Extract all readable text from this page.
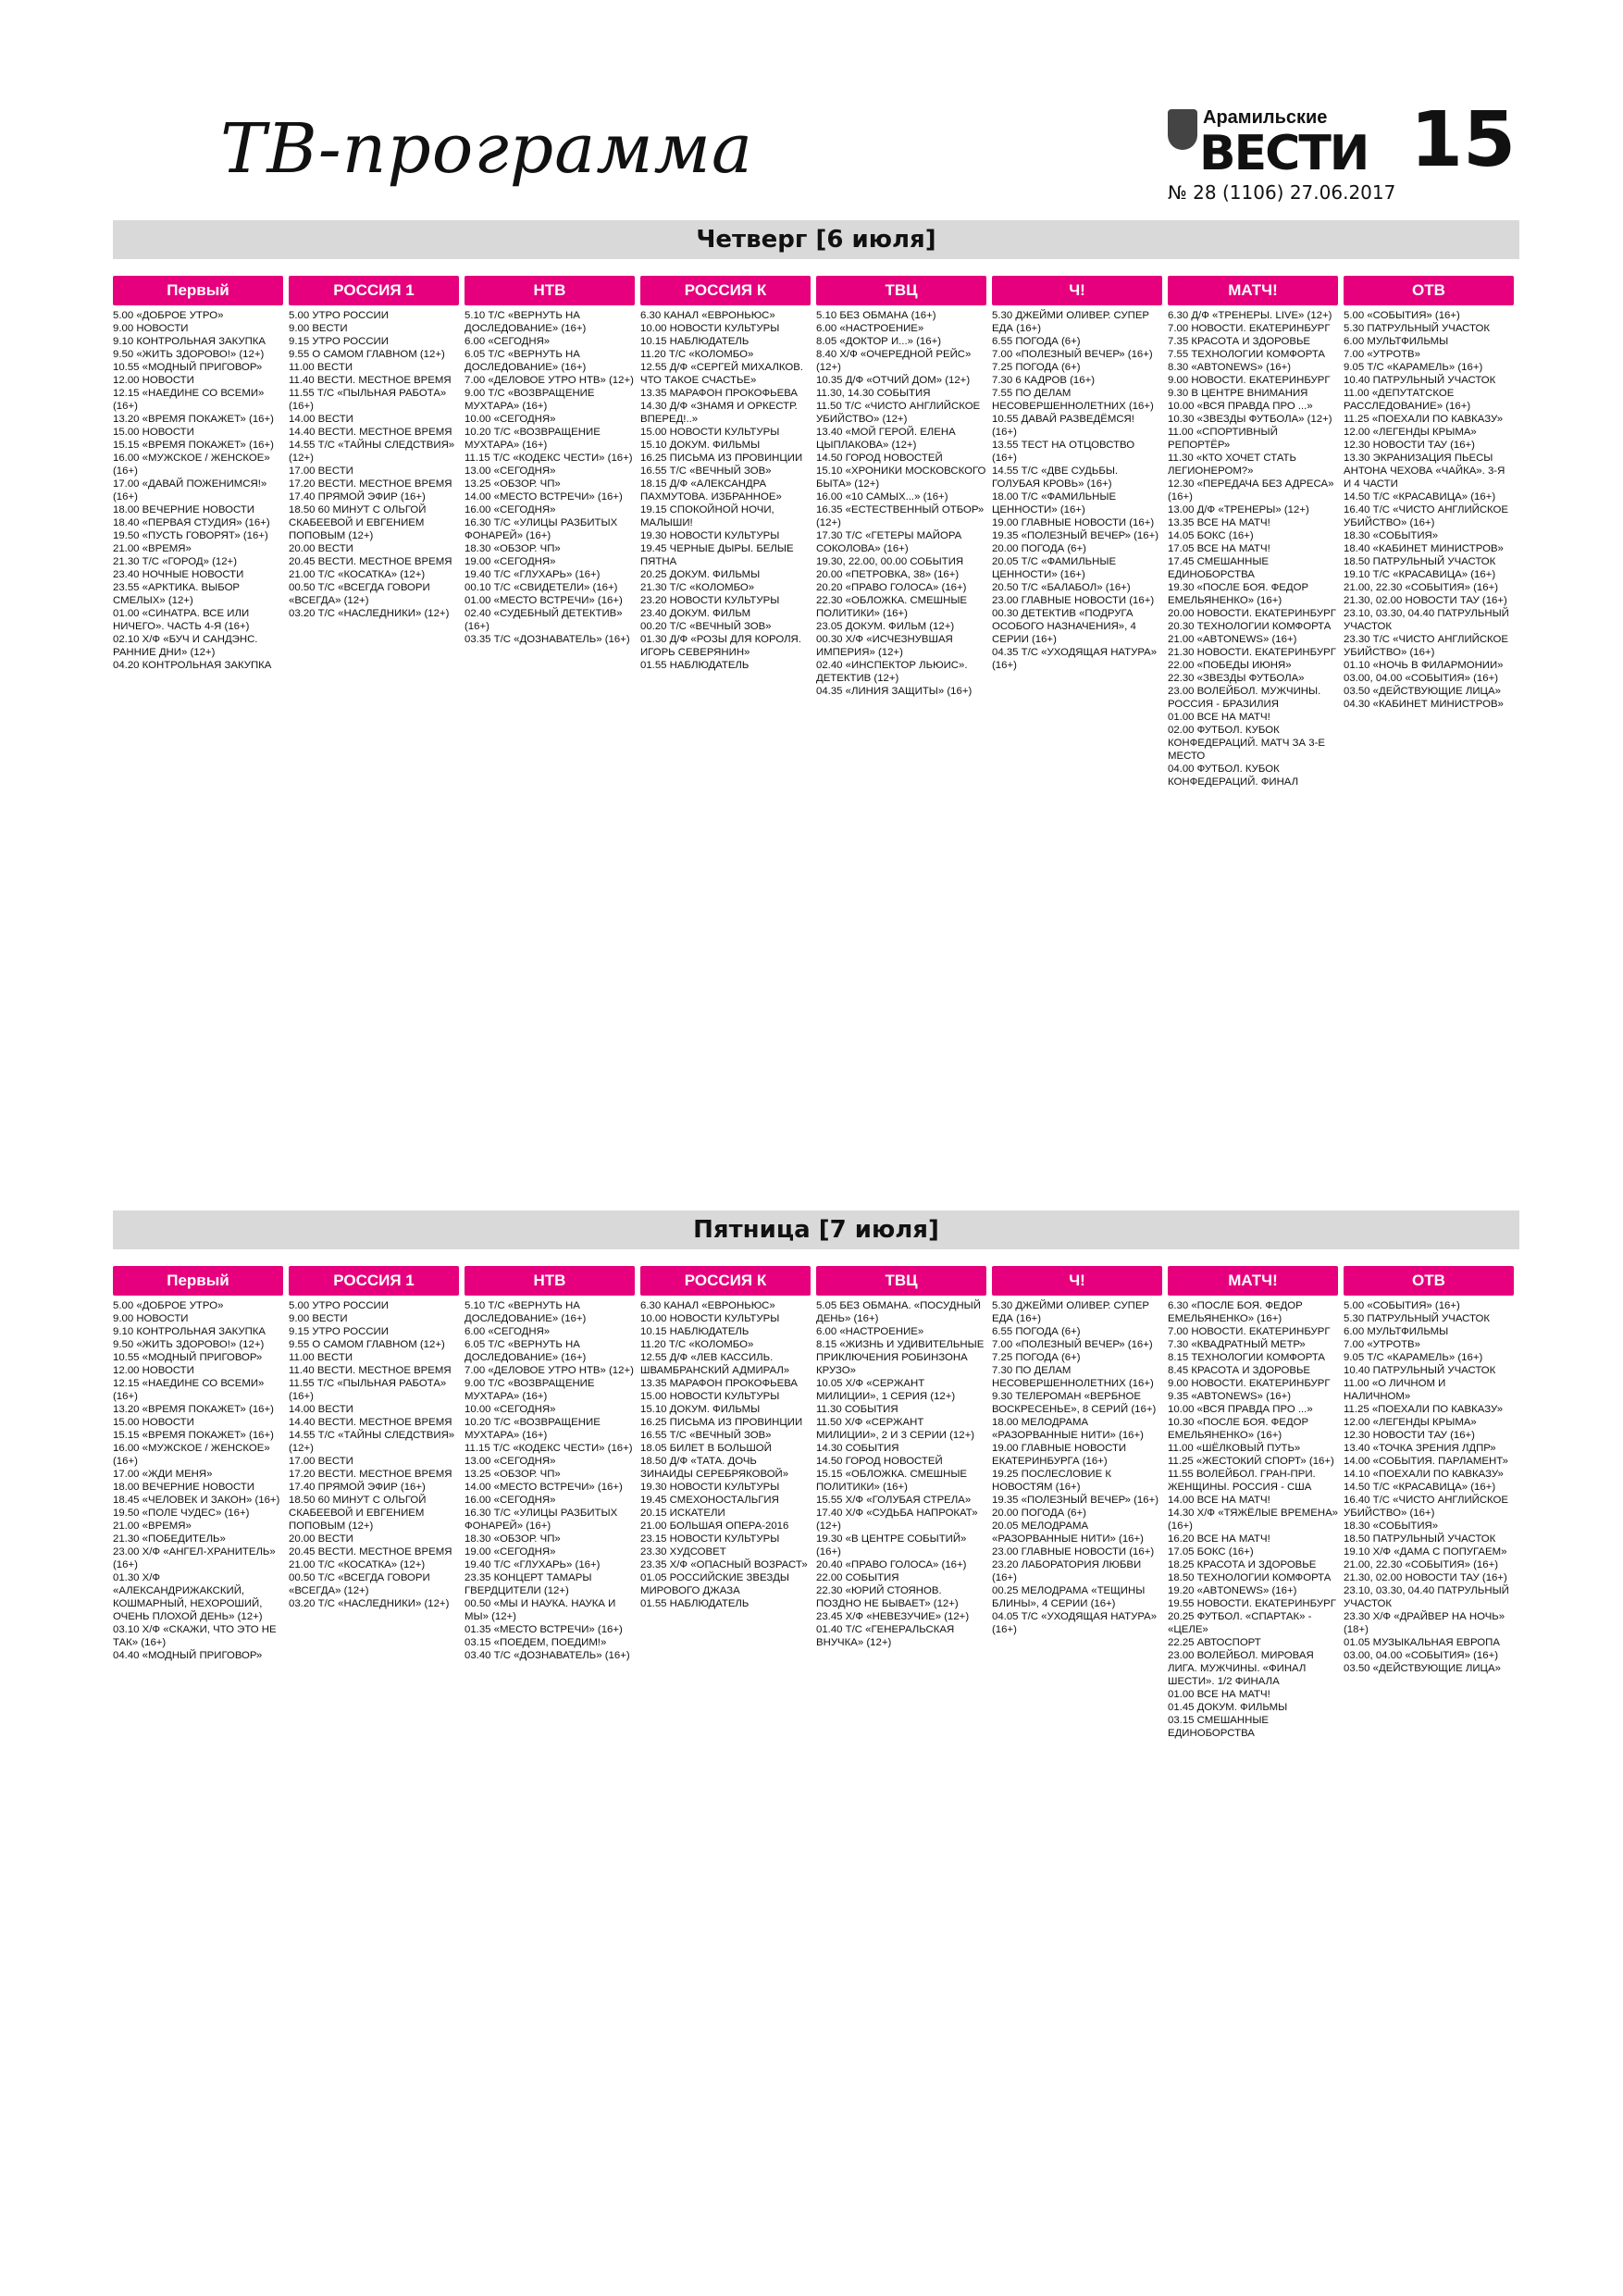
ТВ-программа	Арамильские
ВЕСТИ 15
№ 28 (1106) 27.06.2017
Четверг [6 июля]
Первый
5.00 «ДОБРОЕ УТРО»
9.00 НОВОСТИ
9.10 КОНТРОЛЬНАЯ ЗАКУПКА
9.50 «ЖИТЬ ЗДОРОВО!» (12+)
10.55 «МОДНЫЙ ПРИГОВОР»
12.00 НОВОСТИ
12.15 «НАЕДИНЕ СО ВСЕМИ» (16+)
13.20 «ВРЕМЯ ПОКАЖЕТ» (16+)
15.00 НОВОСТИ
15.15 «ВРЕМЯ ПОКАЖЕТ» (16+)
16.00 «МУЖСКОЕ / ЖЕНСКОЕ» (16+)
17.00 «ДАВАЙ ПОЖЕНИМСЯ!» (16+)
18.00 ВЕЧЕРНИЕ НОВОСТИ
18.40 «ПЕРВАЯ СТУДИЯ» (16+)
19.50 «ПУСТЬ ГОВОРЯТ» (16+)
21.00 «ВРЕМЯ»
21.30 Т/С «ГОРОД» (12+)
23.40 НОЧНЫЕ НОВОСТИ
23.55 «АРКТИКА. ВЫБОР СМЕЛЫХ» (12+)
01.00 «СИНАТРА. ВСЕ ИЛИ НИЧЕГО». ЧАСТЬ 4-Я (16+)
02.10 Х/Ф «БУЧ И САНДЭНС. РАННИЕ ДНИ» (12+)
04.20 КОНТРОЛЬНАЯ ЗАКУПКА
РОССИЯ 1
5.00 УТРО РОССИИ
9.00 ВЕСТИ
9.15 УТРО РОССИИ
9.55 О САМОМ ГЛАВНОМ (12+)
11.00 ВЕСТИ
11.40 ВЕСТИ. МЕСТНОЕ ВРЕМЯ
11.55 Т/С «ПЫЛЬНАЯ РАБОТА» (16+)
14.00 ВЕСТИ
14.40 ВЕСТИ. МЕСТНОЕ ВРЕМЯ
14.55 Т/С «ТАЙНЫ СЛЕДСТВИЯ» (12+)
17.00 ВЕСТИ
17.20 ВЕСТИ. МЕСТНОЕ ВРЕМЯ
17.40 ПРЯМОЙ ЭФИР (16+)
18.50 60 МИНУТ С ОЛЬГОЙ СКАБЕЕВОЙ И ЕВГЕНИЕМ ПОПОВЫМ (12+)
20.00 ВЕСТИ
20.45 ВЕСТИ. МЕСТНОЕ ВРЕМЯ
21.00 Т/С «КОСАТКА» (12+)
00.50 Т/С «ВСЕГДА ГОВОРИ «ВСЕГДА» (12+)
03.20 Т/С «НАСЛЕДНИКИ» (12+)
НТВ
5.10 Т/С «ВЕРНУТЬ НА ДОСЛЕДОВАНИЕ» (16+)
6.00 «СЕГОДНЯ»
6.05 Т/С «ВЕРНУТЬ НА ДОСЛЕДОВАНИЕ» (16+)
7.00 «ДЕЛОВОЕ УТРО НТВ» (12+)
9.00 Т/С «ВОЗВРАЩЕНИЕ МУХТАРА» (16+)
10.00 «СЕГОДНЯ»
10.20 Т/С «ВОЗВРАЩЕНИЕ МУХТАРА» (16+)
11.15 Т/С «КОДЕКС ЧЕСТИ» (16+)
13.00 «СЕГОДНЯ»
13.25 «ОБЗОР. ЧП»
14.00 «МЕСТО ВСТРЕЧИ» (16+)
16.00 «СЕГОДНЯ»
16.30 Т/С «УЛИЦЫ РАЗБИТЫХ ФОНАРЕЙ» (16+)
18.30 «ОБЗОР. ЧП»
19.00 «СЕГОДНЯ»
19.40 Т/С «ГЛУХАРЬ» (16+)
00.10 Т/С «СВИДЕТЕЛИ» (16+)
01.00 «МЕСТО ВСТРЕЧИ» (16+)
02.40 «СУДЕБНЫЙ ДЕТЕКТИВ» (16+)
03.35 Т/С «ДОЗНАВАТЕЛЬ» (16+)
РОССИЯ К
6.30 КАНАЛ «ЕВРОНЬЮС»
10.00 НОВОСТИ КУЛЬТУРЫ
10.15 НАБЛЮДАТЕЛЬ
11.20 Т/С «КОЛОМБО»
12.55 Д/Ф «СЕРГЕЙ МИХАЛКОВ. ЧТО ТАКОЕ СЧАСТЬЕ»
13.35 МАРАФОН ПРОКОФЬЕВА
14.30 Д/Ф «ЗНАМЯ И ОРКЕСТР. ВПЕРЕД!..»
15.00 НОВОСТИ КУЛЬТУРЫ
15.10 ДОКУМ. ФИЛЬМЫ
16.25 ПИСЬМА ИЗ ПРОВИНЦИИ
16.55 Т/С «ВЕЧНЫЙ ЗОВ»
18.15 Д/Ф «АЛЕКСАНДРА ПАХМУТОВА. ИЗБРАННОЕ»
19.15 СПОКОЙНОЙ НОЧИ, МАЛЫШИ!
19.30 НОВОСТИ КУЛЬТУРЫ
19.45 ЧЕРНЫЕ ДЫРЫ. БЕЛЫЕ ПЯТНА
20.25 ДОКУМ. ФИЛЬМЫ
21.30 Т/С «КОЛОМБО»
23.20 НОВОСТИ КУЛЬТУРЫ
23.40 ДОКУМ. ФИЛЬМ
00.20 Т/С «ВЕЧНЫЙ ЗОВ»
01.30 Д/Ф «РОЗЫ ДЛЯ КОРОЛЯ. ИГОРЬ СЕВЕРЯНИН»
01.55 НАБЛЮДАТЕЛЬ
ТВЦ
5.10 БЕЗ ОБМАНА (16+)
6.00 «НАСТРОЕНИЕ»
8.05 «ДОКТОР И...» (16+)
8.40 Х/Ф «ОЧЕРЕДНОЙ РЕЙС» (12+)
10.35 Д/Ф «ОТЧИЙ ДОМ» (12+)
11.30, 14.30 СОБЫТИЯ
11.50 Т/С «ЧИСТО АНГЛИЙСКОЕ УБИЙСТВО» (12+)
13.40 «МОЙ ГЕРОЙ. ЕЛЕНА ЦЫПЛАКОВА» (12+)
14.50 ГОРОД НОВОСТЕЙ
15.10 «ХРОНИКИ МОСКОВСКОГО БЫТА» (12+)
16.00 «10 САМЫХ...» (16+)
16.35 «ЕСТЕСТВЕННЫЙ ОТБОР» (12+)
17.30 Т/С «ГЕТЕРЫ МАЙОРА СОКОЛОВА» (16+)
19.30, 22.00, 00.00 СОБЫТИЯ
20.00 «ПЕТРОВКА, 38» (16+)
20.20 «ПРАВО ГОЛОСА» (16+)
22.30 «ОБЛОЖКА. СМЕШНЫЕ ПОЛИТИКИ» (16+)
23.05 ДОКУМ. ФИЛЬМ (12+)
00.30 Х/Ф «ИСЧЕЗНУВШАЯ ИМПЕРИЯ» (12+)
02.40 «ИНСПЕКТОР ЛЬЮИС». ДЕТЕКТИВ (12+)
04.35 «ЛИНИЯ ЗАЩИТЫ» (16+)
Ч!
5.30 ДЖЕЙМИ ОЛИВЕР. СУПЕР ЕДА (16+)
6.55 ПОГОДА (6+)
7.00 «ПОЛЕЗНЫЙ ВЕЧЕР» (16+)
7.25 ПОГОДА (6+)
7.30 6 КАДРОВ (16+)
7.55 ПО ДЕЛАМ НЕСОВЕРШЕННОЛЕТНИХ (16+)
10.55 ДАВАЙ РАЗВЕДЁМСЯ! (16+)
13.55 ТЕСТ НА ОТЦОВСТВО (16+)
14.55 Т/С «ДВЕ СУДЬБЫ. ГОЛУБАЯ КРОВЬ» (16+)
18.00 Т/С «ФАМИЛЬНЫЕ ЦЕННОСТИ» (16+)
19.00 ГЛАВНЫЕ НОВОСТИ (16+)
19.35 «ПОЛЕЗНЫЙ ВЕЧЕР» (16+)
20.00 ПОГОДА (6+)
20.05 Т/С «ФАМИЛЬНЫЕ ЦЕННОСТИ» (16+)
20.50 Т/С «БАЛАБОЛ» (16+)
23.00 ГЛАВНЫЕ НОВОСТИ (16+)
00.30 ДЕТЕКТИВ «ПОДРУГА ОСОБОГО НАЗНАЧЕНИЯ», 4 СЕРИИ (16+)
04.35 Т/С «УХОДЯЩАЯ НАТУРА» (16+)
МАТЧ!
6.30 Д/Ф «ТРЕНЕРЫ. LIVE» (12+)
7.00 НОВОСТИ. ЕКАТЕРИНБУРГ
7.35 КРАСОТА И ЗДОРОВЬЕ
7.55 ТЕХНОЛОГИИ КОМФОРТА
8.30 «ABTONEWS» (16+)
9.00 НОВОСТИ. ЕКАТЕРИНБУРГ
9.30 В ЦЕНТРЕ ВНИМАНИЯ
10.00 «ВСЯ ПРАВДА ПРО ...»
10.30 «ЗВЕЗДЫ ФУТБОЛА» (12+)
11.00 «СПОРТИВНЫЙ РЕПОРТЁР»
11.30 «КТО ХОЧЕТ СТАТЬ ЛЕГИОНЕРОМ?»
12.30 «ПЕРЕДАЧА БЕЗ АДРЕСА» (16+)
13.00 Д/Ф «ТРЕНЕРЫ» (12+)
13.35 ВСЕ НА МАТЧ!
14.05 БОКС (16+)
17.05 ВСЕ НА МАТЧ!
17.45 СМЕШАННЫЕ ЕДИНОБОРСТВА
19.30 «ПОСЛЕ БОЯ. ФЕДОР ЕМЕЛЬЯНЕНКО» (16+)
20.00 НОВОСТИ. ЕКАТЕРИНБУРГ
20.30 ТЕХНОЛОГИИ КОМФОРТА
21.00 «ABTONEWS» (16+)
21.30 НОВОСТИ. ЕКАТЕРИНБУРГ
22.00 «ПОБЕДЫ ИЮНЯ»
22.30 «ЗВЕЗДЫ ФУТБОЛА»
23.00 ВОЛЕЙБОЛ. МУЖЧИНЫ. РОССИЯ - БРАЗИЛИЯ
01.00 ВСЕ НА МАТЧ!
02.00 ФУТБОЛ. КУБОК КОНФЕДЕРАЦИЙ. МАТЧ ЗА 3-Е МЕСТО
04.00 ФУТБОЛ. КУБОК КОНФЕДЕРАЦИЙ. ФИНАЛ
ОТВ
5.00 «СОБЫТИЯ» (16+)
5.30 ПАТРУЛЬНЫЙ УЧАСТОК
6.00 МУЛЬТФИЛЬМЫ
7.00 «УТРОТВ»
9.05 Т/С «КАРАМЕЛЬ» (16+)
10.40 ПАТРУЛЬНЫЙ УЧАСТОК
11.00 «ДЕПУТАТСКОЕ РАССЛЕДОВАНИЕ» (16+)
11.25 «ПОЕХАЛИ ПО КАВКАЗУ»
12.00 «ЛЕГЕНДЫ КРЫМА»
12.30 НОВОСТИ ТАУ (16+)
13.30 ЭКРАНИЗАЦИЯ ПЬЕСЫ АНТОНА ЧЕХОВА «ЧАЙКА». 3-Я И 4 ЧАСТИ
14.50 Т/С «КРАСАВИЦА» (16+)
16.40 Т/С «ЧИСТО АНГЛИЙСКОЕ УБИЙСТВО» (16+)
18.30 «СОБЫТИЯ»
18.40 «КАБИНЕТ МИНИСТРОВ»
18.50 ПАТРУЛЬНЫЙ УЧАСТОК
19.10 Т/С «КРАСАВИЦА» (16+)
21.00, 22.30 «СОБЫТИЯ» (16+)
21.30, 02.00 НОВОСТИ ТАУ (16+)
23.10, 03.30, 04.40 ПАТРУЛЬНЫЙ УЧАСТОК
23.30 Т/С «ЧИСТО АНГЛИЙСКОЕ УБИЙСТВО» (16+)
01.10 «НОЧЬ В ФИЛАРМОНИИ»
03.00, 04.00 «СОБЫТИЯ» (16+)
03.50 «ДЕЙСТВУЮЩИЕ ЛИЦА»
04.30 «КАБИНЕТ МИНИСТРОВ»
Пятница [7 июля]
Первый
5.00 «ДОБРОЕ УТРО»
9.00 НОВОСТИ
9.10 КОНТРОЛЬНАЯ ЗАКУПКА
9.50 «ЖИТЬ ЗДОРОВО!» (12+)
10.55 «МОДНЫЙ ПРИГОВОР»
12.00 НОВОСТИ
12.15 «НАЕДИНЕ СО ВСЕМИ» (16+)
13.20 «ВРЕМЯ ПОКАЖЕТ» (16+)
15.00 НОВОСТИ
15.15 «ВРЕМЯ ПОКАЖЕТ» (16+)
16.00 «МУЖСКОЕ / ЖЕНСКОЕ» (16+)
17.00 «ЖДИ МЕНЯ»
18.00 ВЕЧЕРНИЕ НОВОСТИ
18.45 «ЧЕЛОВЕК И ЗАКОН» (16+)
19.50 «ПОЛЕ ЧУДЕС» (16+)
21.00 «ВРЕМЯ»
21.30 «ПОБЕДИТЕЛЬ»
23.00 Х/Ф «АНГЕЛ-ХРАНИТЕЛЬ» (16+)
01.30 Х/Ф «АЛЕКСАНДРИЖАКСКИЙ, КОШМАРНЫЙ, НЕХОРОШИЙ, ОЧЕНЬ ПЛОХОЙ ДЕНЬ» (12+)
03.10 Х/Ф «СКАЖИ, ЧТО ЭТО НЕ ТАК» (16+)
04.40 «МОДНЫЙ ПРИГОВОР»
РОССИЯ 1
5.00 УТРО РОССИИ
9.00 ВЕСТИ
9.15 УТРО РОССИИ
9.55 О САМОМ ГЛАВНОМ (12+)
11.00 ВЕСТИ
11.40 ВЕСТИ. МЕСТНОЕ ВРЕМЯ
11.55 Т/С «ПЫЛЬНАЯ РАБОТА» (16+)
14.00 ВЕСТИ
14.40 ВЕСТИ. МЕСТНОЕ ВРЕМЯ
14.55 Т/С «ТАЙНЫ СЛЕДСТВИЯ» (12+)
17.00 ВЕСТИ
17.20 ВЕСТИ. МЕСТНОЕ ВРЕМЯ
17.40 ПРЯМОЙ ЭФИР (16+)
18.50 60 МИНУТ С ОЛЬГОЙ СКАБЕЕВОЙ И ЕВГЕНИЕМ ПОПОВЫМ (12+)
20.00 ВЕСТИ
20.45 ВЕСТИ. МЕСТНОЕ ВРЕМЯ
21.00 Т/С «КОСАТКА» (12+)
00.50 Т/С «ВСЕГДА ГОВОРИ «ВСЕГДА» (12+)
03.20 Т/С «НАСЛЕДНИКИ» (12+)
НТВ
5.10 Т/С «ВЕРНУТЬ НА ДОСЛЕДОВАНИЕ» (16+)
6.00 «СЕГОДНЯ»
6.05 Т/С «ВЕРНУТЬ НА ДОСЛЕДОВАНИЕ» (16+)
7.00 «ДЕЛОВОЕ УТРО НТВ» (12+)
9.00 Т/С «ВОЗВРАЩЕНИЕ МУХТАРА» (16+)
10.00 «СЕГОДНЯ»
10.20 Т/С «ВОЗВРАЩЕНИЕ МУХТАРА» (16+)
11.15 Т/С «КОДЕКС ЧЕСТИ» (16+)
13.00 «СЕГОДНЯ»
13.25 «ОБЗОР. ЧП»
14.00 «МЕСТО ВСТРЕЧИ» (16+)
16.00 «СЕГОДНЯ»
16.30 Т/С «УЛИЦЫ РАЗБИТЫХ ФОНАРЕЙ» (16+)
18.30 «ОБЗОР. ЧП»
19.00 «СЕГОДНЯ»
19.40 Т/С «ГЛУХАРЬ» (16+)
23.35 КОНЦЕРТ ТАМАРЫ ГВЕРДЦИТЕЛИ (12+)
00.50 «МЫ И НАУКА. НАУКА И МЫ» (12+)
01.35 «МЕСТО ВСТРЕЧИ» (16+)
03.15 «ПОЕДЕМ, ПОЕДИМ!»
03.40 Т/С «ДОЗНАВАТЕЛЬ» (16+)
РОССИЯ К
6.30 КАНАЛ «ЕВРОНЬЮС»
10.00 НОВОСТИ КУЛЬТУРЫ
10.15 НАБЛЮДАТЕЛЬ
11.20 Т/С «КОЛОМБО»
12.55 Д/Ф «ЛЕВ КАССИЛЬ. ШВАМБРАНСКИЙ АДМИРАЛ»
13.35 МАРАФОН ПРОКОФЬЕВА
15.00 НОВОСТИ КУЛЬТУРЫ
15.10 ДОКУМ. ФИЛЬМЫ
16.25 ПИСЬМА ИЗ ПРОВИНЦИИ
16.55 Т/С «ВЕЧНЫЙ ЗОВ»
18.05 БИЛЕТ В БОЛЬШОЙ
18.50 Д/Ф «ТАТА. ДОЧЬ ЗИНАИДЫ СЕРЕБРЯКОВОЙ»
19.30 НОВОСТИ КУЛЬТУРЫ
19.45 СМЕХОНОСТАЛЬГИЯ
20.15 ИСКАТЕЛИ
21.00 БОЛЬШАЯ ОПЕРА-2016
23.15 НОВОСТИ КУЛЬТУРЫ
23.30 ХУДСОВЕТ
23.35 Х/Ф «ОПАСНЫЙ ВОЗРАСТ»
01.05 РОССИЙСКИЕ ЗВЕЗДЫ МИРОВОГО ДЖАЗА
01.55 НАБЛЮДАТЕЛЬ
ТВЦ
5.05 БЕЗ ОБМАНА. «ПОСУДНЫЙ ДЕНЬ» (16+)
6.00 «НАСТРОЕНИЕ»
8.15 «ЖИЗНЬ И УДИВИТЕЛЬНЫЕ ПРИКЛЮЧЕНИЯ РОБИНЗОНА КРУЗО»
10.05 Х/Ф «СЕРЖАНТ МИЛИЦИИ», 1 СЕРИЯ (12+)
11.30 СОБЫТИЯ
11.50 Х/Ф «СЕРЖАНТ МИЛИЦИИ», 2 И 3 СЕРИИ (12+)
14.30 СОБЫТИЯ
14.50 ГОРОД НОВОСТЕЙ
15.15 «ОБЛОЖКА. СМЕШНЫЕ ПОЛИТИКИ» (16+)
15.55 Х/Ф «ГОЛУБАЯ СТРЕЛА»
17.40 Х/Ф «СУДЬБА НАПРОКАТ» (12+)
19.30 «В ЦЕНТРЕ СОБЫТИЙ» (16+)
20.40 «ПРАВО ГОЛОСА» (16+)
22.00 СОБЫТИЯ
22.30 «ЮРИЙ СТОЯНОВ. ПОЗДНО НЕ БЫВАЕТ» (12+)
23.45 Х/Ф «НЕВЕЗУЧИЕ» (12+)
01.40 Т/С «ГЕНЕРАЛЬСКАЯ ВНУЧКА» (12+)
Ч!
5.30 ДЖЕЙМИ ОЛИВЕР. СУПЕР ЕДА (16+)
6.55 ПОГОДА (6+)
7.00 «ПОЛЕЗНЫЙ ВЕЧЕР» (16+)
7.25 ПОГОДА (6+)
7.30 ПО ДЕЛАМ НЕСОВЕРШЕННОЛЕТНИХ (16+)
9.30 ТЕЛЕРОМАН «ВЕРБНОЕ ВОСКРЕСЕНЬЕ», 8 СЕРИЙ (16+)
18.00 МЕЛОДРАМА «РАЗОРВАННЫЕ НИТИ» (16+)
19.00 ГЛАВНЫЕ НОВОСТИ ЕКАТЕРИНБУРГА (16+)
19.25 ПОСЛЕСЛОВИЕ К НОВОСТЯМ (16+)
19.35 «ПОЛЕЗНЫЙ ВЕЧЕР» (16+)
20.00 ПОГОДА (6+)
20.05 МЕЛОДРАМА «РАЗОРВАННЫЕ НИТИ» (16+)
23.00 ГЛАВНЫЕ НОВОСТИ (16+)
23.20 ЛАБОРАТОРИЯ ЛЮБВИ (16+)
00.25 МЕЛОДРАМА «ТЕЩИНЫ БЛИНЫ», 4 СЕРИИ (16+)
04.05 Т/С «УХОДЯЩАЯ НАТУРА» (16+)
МАТЧ!
6.30 «ПОСЛЕ БОЯ. ФЕДОР ЕМЕЛЬЯНЕНКО» (16+)
7.00 НОВОСТИ. ЕКАТЕРИНБУРГ
7.30 «КВАДРАТНЫЙ МЕТР»
8.15 ТЕХНОЛОГИИ КОМФОРТА
8.45 КРАСОТА И ЗДОРОВЬЕ
9.00 НОВОСТИ. ЕКАТЕРИНБУРГ
9.35 «ABTONEWS» (16+)
10.00 «ВСЯ ПРАВДА ПРО ...»
10.30 «ПОСЛЕ БОЯ. ФЕДОР ЕМЕЛЬЯНЕНКО» (16+)
11.00 «ШЁЛКОВЫЙ ПУТЬ»
11.25 «ЖЕСТОКИЙ СПОРТ» (16+)
11.55 ВОЛЕЙБОЛ. ГРАН-ПРИ. ЖЕНЩИНЫ. РОССИЯ - США
14.00 ВСЕ НА МАТЧ!
14.30 Х/Ф «ТЯЖЁЛЫЕ ВРЕМЕНА» (16+)
16.20 ВСЕ НА МАТЧ!
17.05 БОКС (16+)
18.25 КРАСОТА И ЗДОРОВЬЕ
18.50 ТЕХНОЛОГИИ КОМФОРТА
19.20 «ABTONEWS» (16+)
19.55 НОВОСТИ. ЕКАТЕРИНБУРГ
20.25 ФУТБОЛ. «СПАРТАК» - «ЦЕЛЕ»
22.25 АВТОСПОРТ
23.00 ВОЛЕЙБОЛ. МИРОВАЯ ЛИГА. МУЖЧИНЫ. «ФИНАЛ ШЕСТИ». 1/2 ФИНАЛА
01.00 ВСЕ НА МАТЧ!
01.45 ДОКУМ. ФИЛЬМЫ
03.15 СМЕШАННЫЕ ЕДИНОБОРСТВА
ОТВ
5.00 «СОБЫТИЯ» (16+)
5.30 ПАТРУЛЬНЫЙ УЧАСТОК
6.00 МУЛЬТФИЛЬМЫ
7.00 «УТРОТВ»
9.05 Т/С «КАРАМЕЛЬ» (16+)
10.40 ПАТРУЛЬНЫЙ УЧАСТОК
11.00 «О ЛИЧНОМ И НАЛИЧНОМ»
11.25 «ПОЕХАЛИ ПО КАВКАЗУ»
12.00 «ЛЕГЕНДЫ КРЫМА»
12.30 НОВОСТИ ТАУ (16+)
13.40 «ТОЧКА ЗРЕНИЯ ЛДПР»
14.00 «СОБЫТИЯ. ПАРЛАМЕНТ»
14.10 «ПОЕХАЛИ ПО КАВКАЗУ»
14.50 Т/С «КРАСАВИЦА» (16+)
16.40 Т/С «ЧИСТО АНГЛИЙСКОЕ УБИЙСТВО» (16+)
18.30 «СОБЫТИЯ»
18.50 ПАТРУЛЬНЫЙ УЧАСТОК
19.10 Х/Ф «ДАМА С ПОПУГАЕМ»
21.00, 22.30 «СОБЫТИЯ» (16+)
21.30, 02.00 НОВОСТИ ТАУ (16+)
23.10, 03.30, 04.40 ПАТРУЛЬНЫЙ УЧАСТОК
23.30 Х/Ф «ДРАЙВЕР НА НОЧЬ» (18+)
01.05 МУЗЫКАЛЬНАЯ ЕВРОПА
03.00, 04.00 «СОБЫТИЯ» (16+)
03.50 «ДЕЙСТВУЮЩИЕ ЛИЦА»
